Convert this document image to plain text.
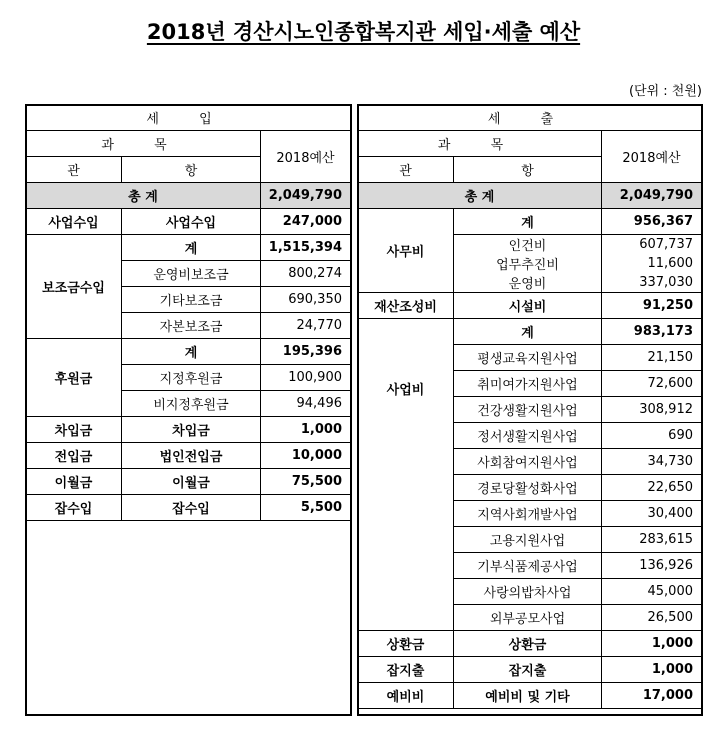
2018년 경산시노인종합복지관 세입·세출 예산
(단위 : 천원)
세 입		
과 목		2018예산
관	항	
총 계		2,049,790
사업수입	사업수입	247,000
보조금수입	계	1,515,394
	운영비보조금	800,274
	기타보조금	690,350
	자본보조금	24,770
후원금	계	195,396
	지정후원금	100,900
	비지정후원금	94,496
차입금	차입금	1,000
전입금	법인전입금	10,000
이월금	이월금	75,500
잡수입	잡수입	5,500
세 출		
과 목		2018예산
관	항	
총 계		2,049,790
사무비	계	956,367
	인건비	607,737
	업무추진비	11,600
	운영비	337,030
재산조성비	시설비	91,250
사업비	계	983,173
	평생교육지원사업	21,150
	취미여가지원사업	72,600
	건강생활지원사업	308,912
	정서생활지원사업	690
	사회참여지원사업	34,730
	경로당활성화사업	22,650
	지역사회개발사업	30,400
	고용지원사업	283,615
	기부식품제공사업	136,926
	사랑의밥차사업	45,000
	외부공모사업	26,500
상환금	상환금	1,000
잡지출	잡지출	1,000
예비비	예비비 및 기타	17,000
